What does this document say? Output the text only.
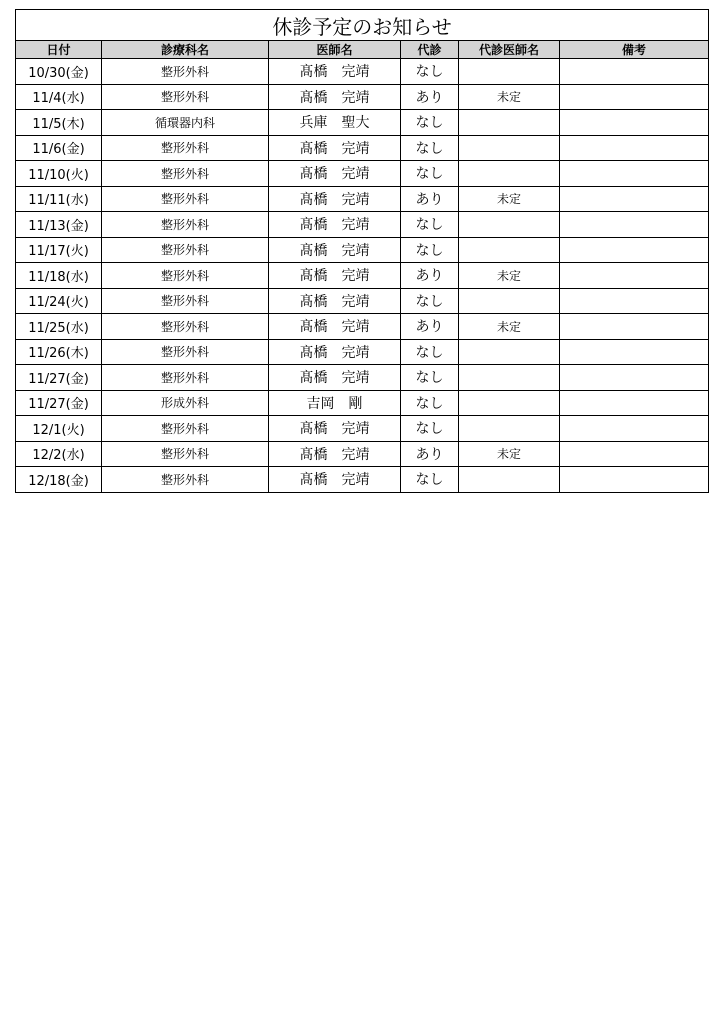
休診予定のお知らせ					
日付	診療科名	医師名	代診	代診医師名	備考
10/30(金)	整形外科	髙橋　完靖	なし		
11/4(水)	整形外科	髙橋　完靖	あり	未定	
11/5(木)	循環器内科	兵庫　聖大	なし		
11/6(金)	整形外科	髙橋　完靖	なし		
11/10(火)	整形外科	髙橋　完靖	なし		
11/11(水)	整形外科	髙橋　完靖	あり	未定	
11/13(金)	整形外科	髙橋　完靖	なし		
11/17(火)	整形外科	髙橋　完靖	なし		
11/18(水)	整形外科	髙橋　完靖	あり	未定	
11/24(火)	整形外科	髙橋　完靖	なし		
11/25(水)	整形外科	髙橋　完靖	あり	未定	
11/26(木)	整形外科	髙橋　完靖	なし		
11/27(金)	整形外科	髙橋　完靖	なし		
11/27(金)	形成外科	吉岡　剛	なし		
12/1(火)	整形外科	髙橋　完靖	なし		
12/2(水)	整形外科	髙橋　完靖	あり	未定	
12/18(金)	整形外科	髙橋　完靖	なし		
